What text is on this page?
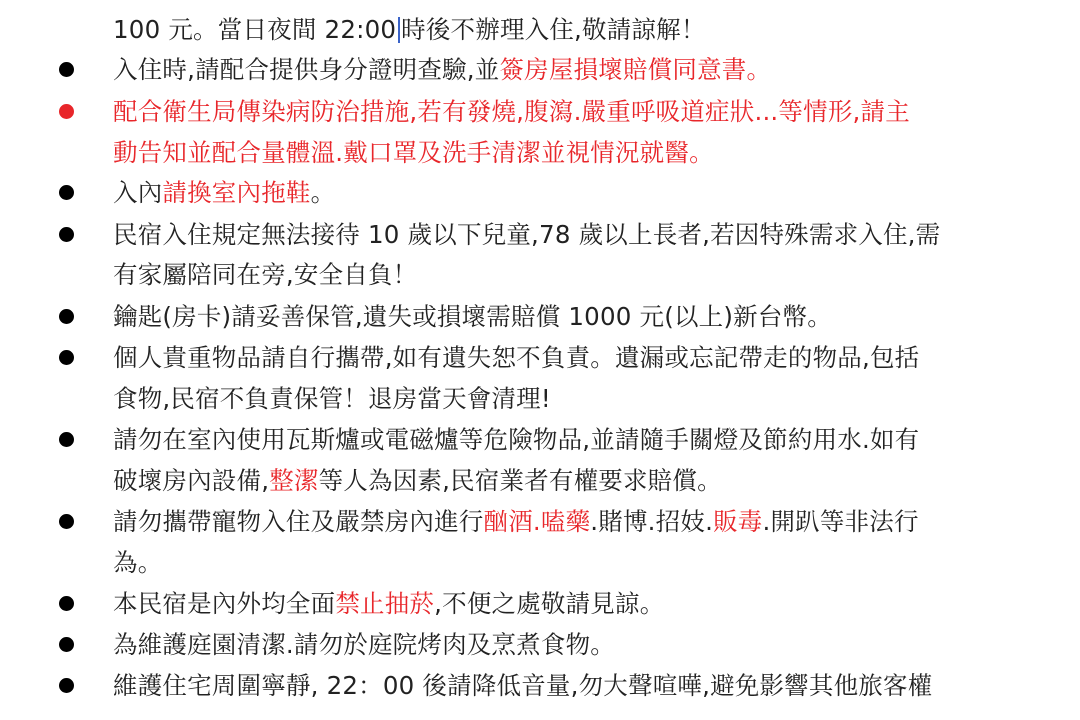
100 元。當日夜間 22:00 時後不辦理入住,敬請諒解！
入住時,請配合提供身分證明查驗,並簽房屋損壞賠償同意書。
配合衛生局傳染病防治措施,若有發燒,腹瀉.嚴重呼吸道症狀...等情形,請主
動告知並配合量體溫.戴口罩及洗手清潔並視情況就醫。
入內請換室內拖鞋。
民宿入住規定無法接待 10 歲以下兒童,78 歲以上長者,若因特殊需求入住,需
有家屬陪同在旁,安全自負！
鑰匙(房卡)請妥善保管,遺失或損壞需賠償 1000 元(以上)新台幣。
個人貴重物品請自行攜帶,如有遺失恕不負責。遺漏或忘記帶走的物品,包括
食物,民宿不負責保管！退房當天會清理!
請勿在室內使用瓦斯爐或電磁爐等危險物品,並請隨手關燈及節約用水.如有
破壞房內設備,整潔等人為因素,民宿業者有權要求賠償。
請勿攜帶寵物入住及嚴禁房內進行酗酒.嗑藥.賭博.招妓.販毒.開趴等非法行
為。
本民宿是內外均全面禁止抽菸,不便之處敬請見諒。
為維護庭園清潔.請勿於庭院烤肉及烹煮食物。
維護住宅周圍寧靜, 22：00 後請降低音量,勿大聲喧嘩,避免影響其他旅客權
